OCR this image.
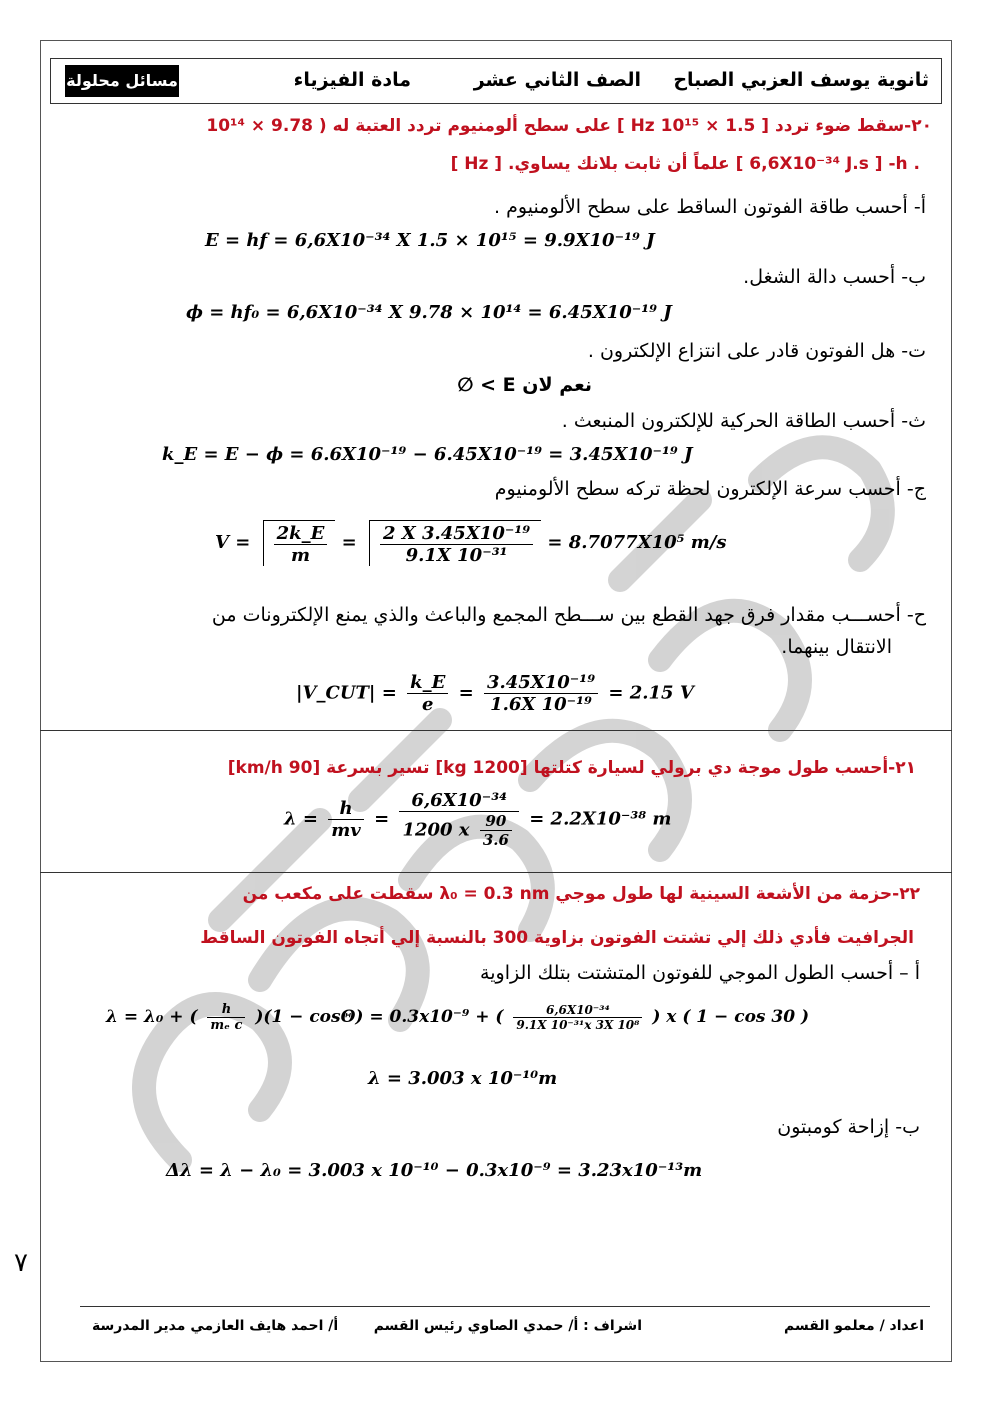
ثانوية يوسف العزبي الصباح
الصف الثاني عشر
مادة الفيزياء
مسائل محلولة
٢٠-سقط ضوء تردد [ 1.5 × 10¹⁵ Hz ] على سطح ألومنيوم تردد العتبة له ( 9.78 × 10¹⁴
[ Hz ] .علماً أن ثابت بلانك يساوي [ 6,6X10⁻³⁴ J.s ] -h .
أ- أحسب طاقة الفوتون الساقط على سطح الألومنيوم .
E = hf = 6,6X10⁻³⁴ X 1.5 × 10¹⁵ = 9.9X10⁻¹⁹ J
ب- أحسب دالة الشغل.
ϕ = hf₀ = 6,6X10⁻³⁴ X 9.78 × 10¹⁴ = 6.45X10⁻¹⁹ J
ت- هل الفوتون قادر على انتزاع الإلكترون .
نعم لان E > ∅
ث- أحسب الطاقة الحركية للإلكترون المنبعث .
k_E = E − ϕ = 6.6X10⁻¹⁹ − 6.45X10⁻¹⁹ = 3.45X10⁻¹⁹ J
ج- أحسب سرعة الإلكترون لحظة تركه سطح الألومنيوم
$V = \frac{2k\_E}{m} = \frac{\text{2 X 3.45X10⁻¹⁹}}{\text{9.1X 10⁻³¹}} = 8.7077X10^5$ m/s
ح- أحســـب مقدار فرق جهد القطع بين ســـطح المجمع والباعث والذي يمنع الإلكترونات من
الانتقال بينهما.
|V_CUT| = $\frac{k\_E}{e} = \frac{\text{3.45X10⁻¹⁹}}{\text{1.6X 10⁻¹⁹}} = 2.15$ V
٢١-أحسب طول موجة دي برولي لسيارة كتلتها [1200 kg] تسير بسرعة [90 km/h]
$\lambda = \frac{h}{mv} = \frac{\text{6,6X10⁻³⁴}}{1200 x \frac{90}{3.6}} = 2.2X10^{-38}$ m
٢٢-حزمة من الأشعة السينية لها طول موجي λ₀ = 0.3 nm سقطت على مكعب من
الجرافيت فأدي ذلك إلي تشتت الفوتون بزاوية 300 بالنسبة إلي أتجاه الفوتون الساقط
أ – أحسب الطول الموجي للفوتون المتشتت بتلك الزاوية
λ = λ₀ + ( $\frac{h}{\text{mₑ c}} )(1 - \cos\Theta) = 0.3x10^{-9}$ + ( $\frac{\text{6,6X10⁻³⁴}}{\text{9.1X 10⁻³¹x 3X 10⁸}}$ ) x ( 1 − cos 30 )
λ = 3.003 x 10⁻¹⁰m
ب- إزاحة كومبتون
Δλ = λ − λ₀ = 3.003 x 10⁻¹⁰ − 0.3x10⁻⁹ = 3.23x10⁻¹³m
٧
اعداد / معلمو القسم
اشراف : أ/ حمدي الصاوي رئيس القسم
أ/ احمد هايف العازمي مدير المدرسة
